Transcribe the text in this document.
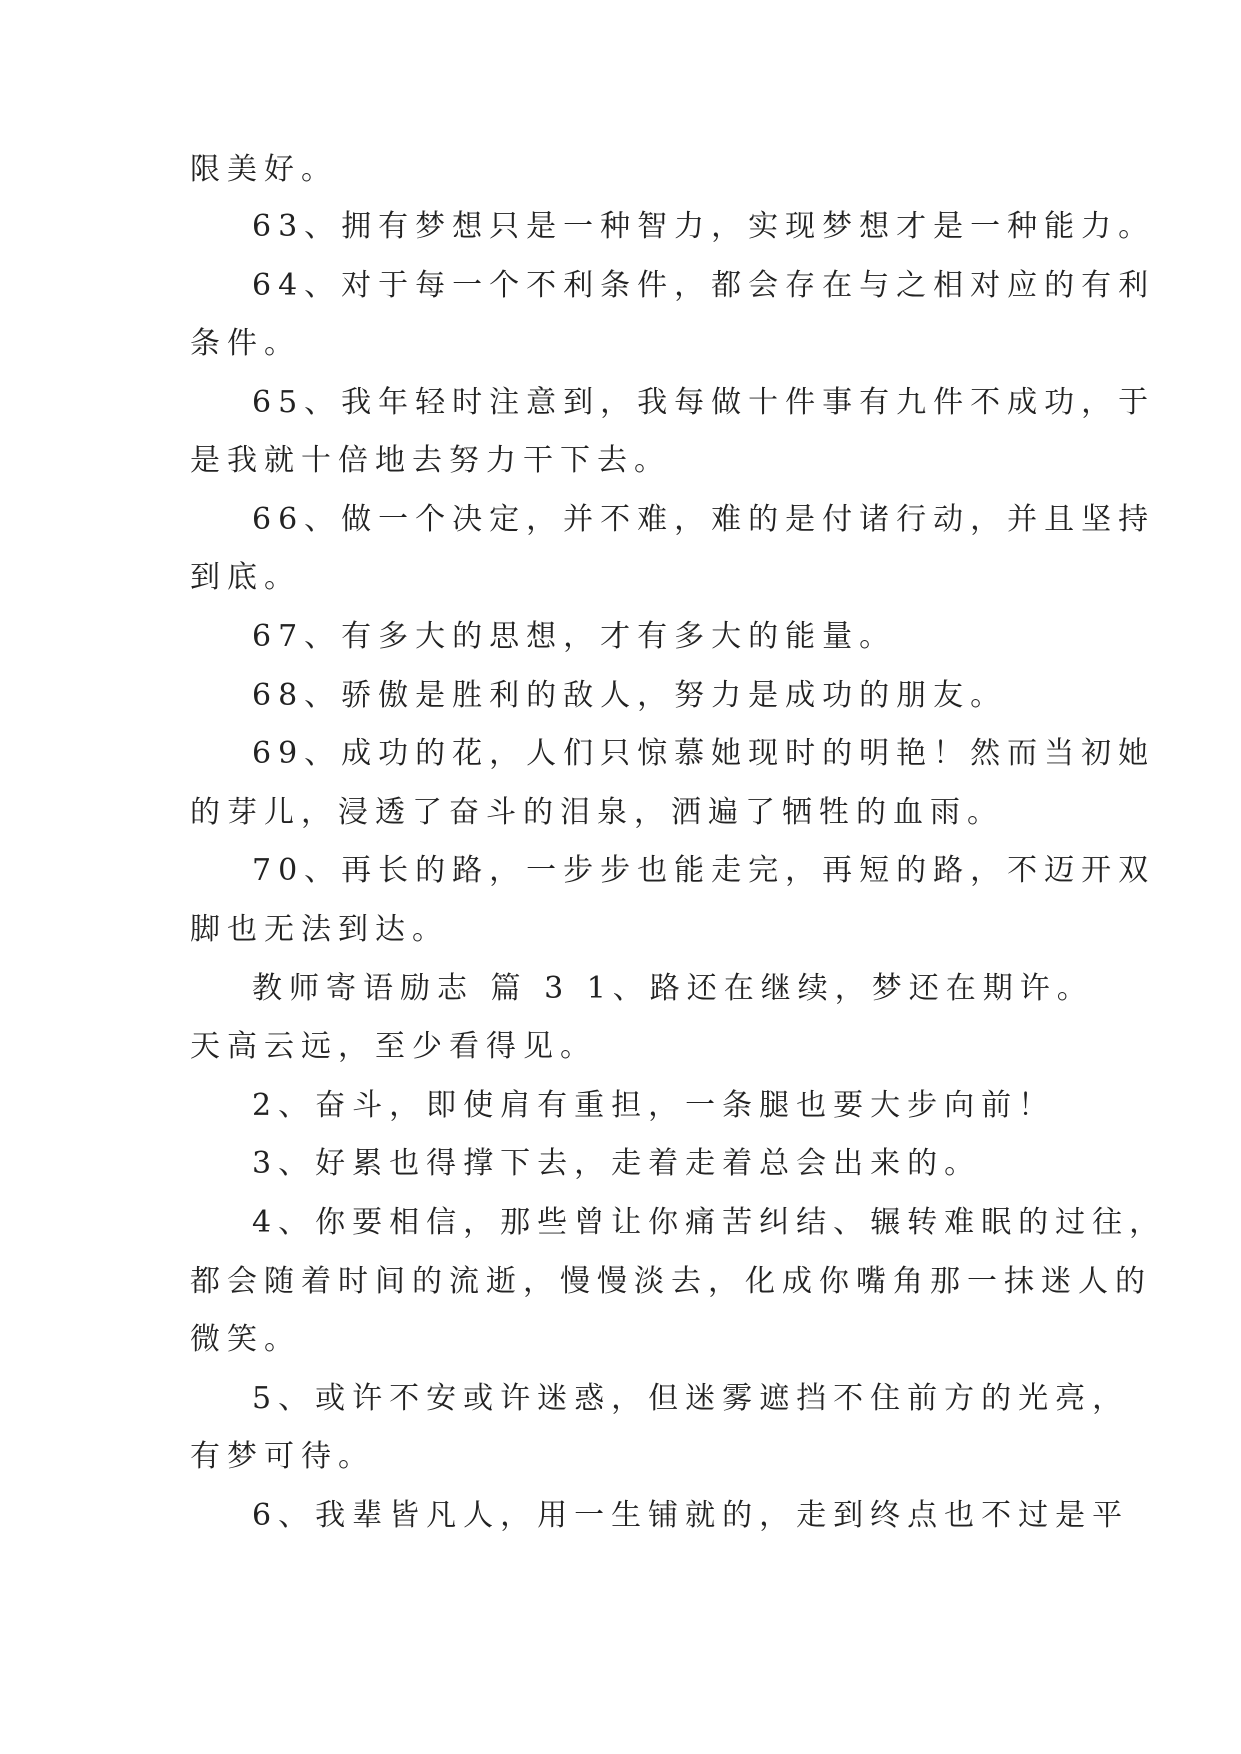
限美好。
63、拥有梦想只是一种智力，实现梦想才是一种能力。
64、对于每一个不利条件，都会存在与之相对应的有利
条件。
65、我年轻时注意到，我每做十件事有九件不成功，于
是我就十倍地去努力干下去。
66、做一个决定，并不难，难的是付诸行动，并且坚持
到底。
67、有多大的思想，才有多大的能量。
68、骄傲是胜利的敌人，努力是成功的朋友。
69、成功的花，人们只惊慕她现时的明艳！然而当初她
的芽儿，浸透了奋斗的泪泉，洒遍了牺牲的血雨。
70、再长的路，一步步也能走完，再短的路，不迈开双
脚也无法到达。
教师寄语励志 篇 3 1、路还在继续，梦还在期许。
天高云远，至少看得见。
2、奋斗，即使肩有重担，一条腿也要大步向前！
3、好累也得撑下去，走着走着总会出来的。
4、你要相信，那些曾让你痛苦纠结、辗转难眠的过往，
都会随着时间的流逝，慢慢淡去，化成你嘴角那一抹迷人的
微笑。
5、或许不安或许迷惑，但迷雾遮挡不住前方的光亮，
有梦可待。
6、我辈皆凡人，用一生铺就的，走到终点也不过是平
